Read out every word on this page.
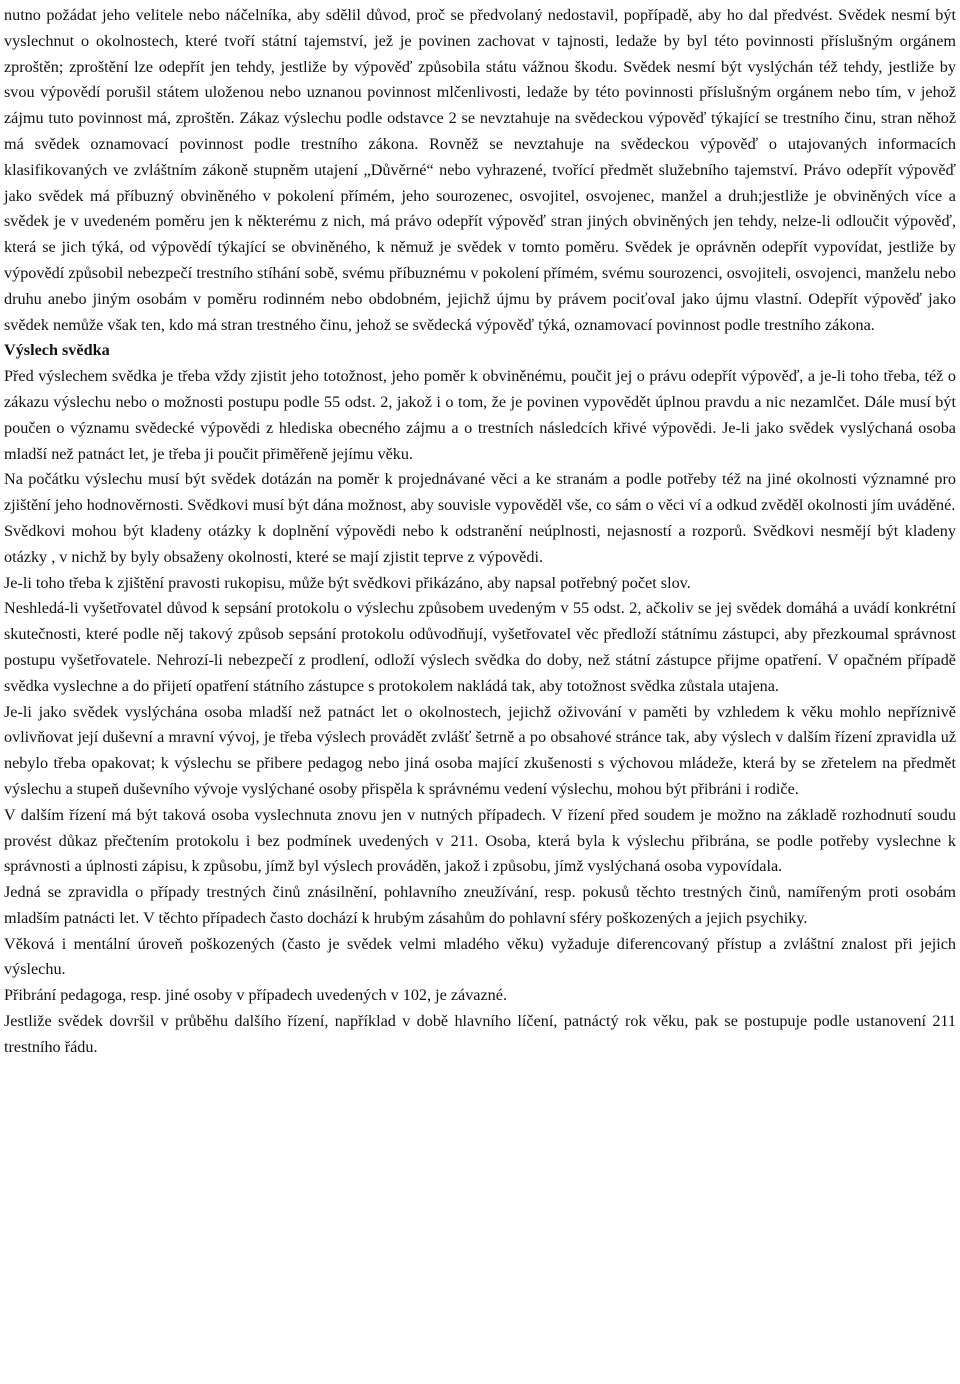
nutno požádat jeho velitele nebo náčelníka, aby sdělil důvod, proč se předvolaný nedostavil, popřípadě, aby ho dal předvést. Svědek nesmí být vyslechnut o okolnostech, které tvoří státní tajemství, jež je povinen zachovat v tajnosti, ledaže by byl této povinnosti příslušným orgánem zproštěn; zproštění lze odepřít jen tehdy, jestliže by výpověď způsobila státu vážnou škodu. Svědek nesmí být vyslýchán též tehdy, jestliže by svou výpovědí porušil státem uloženou nebo uznanou povinnost mlčenlivosti, ledaže by této povinnosti příslušným orgánem nebo tím, v jehož zájmu tuto povinnost má, zproštěn. Zákaz výslechu podle odstavce 2 se nevztahuje na svědeckou výpověď týkající se trestního činu, stran něhož má svědek oznamovací povinnost podle trestního zákona. Rovněž se nevztahuje na svědeckou výpověď o utajovaných informacích klasifikovaných ve zvláštním zákoně stupněm utajení „Důvěrné“ nebo vyhrazené, tvořící předmět služebního tajemství. Právo odepřít výpověď jako svědek má příbuzný obviněného v pokolení přímém, jeho sourozenec, osvojitel, osvojenec, manžel a druh;jestliže je obviněných více a svědek je v uvedeném poměru jen k některému z nich, má právo odepřít výpověď stran jiných obviněných jen tehdy, nelze-li odloučit výpověď, která se jich týká, od výpovědí týkající se obviněného, k němuž je svědek v tomto poměru. Svědek je oprávněn odepřít vypovídat, jestliže by výpovědí způsobil nebezpečí trestního stíhání sobě, svému příbuznému v pokolení přímém, svému sourozenci, osvojiteli, osvojenci, manželu nebo druhu anebo jiným osobám v poměru rodinném nebo obdobném, jejichž újmu by právem pociťoval jako újmu vlastní. Odepřít výpověď jako svědek nemůže však ten, kdo má stran trestného činu, jehož se svědecká výpověď týká, oznamovací povinnost podle trestního zákona.

Výslech svědka

Před výslechem svědka je třeba vždy zjistit jeho totožnost, jeho poměr k obviněnému, poučit jej o právu odepřít výpověď, a je-li toho třeba, též o zákazu výslechu nebo o možnosti postupu podle 55 odst. 2, jakož i o tom, že je povinen vypovědět úplnou pravdu a nic nezamlčet. Dále musí být poučen o významu svědecké výpovědi z hlediska obecného zájmu a o trestních následcích křivé výpovědi. Je-li jako svědek vyslýchaná osoba mladší než patnáct let, je třeba ji poučit přiměřeně jejímu věku.

Na počátku výslechu musí být svědek dotázán na poměr k projednávané věci a ke stranám a podle potřeby též na jiné okolnosti významné pro zjištění jeho hodnověrnosti. Svědkovi musí být dána možnost, aby souvisle vypověděl vše, co sám o věci ví a odkud zvěděl okolnosti jím uváděné.

Svědkovi mohou být kladeny otázky k doplnění výpovědi nebo k odstranění neúplnosti, nejasností a rozporů. Svědkovi nesmějí být kladeny otázky , v nichž by byly obsaženy okolnosti, které se mají zjistit teprve z výpovědi.

Je-li toho třeba k zjištění pravosti rukopisu, může být svědkovi přikázáno, aby napsal potřebný počet slov.

Neshledá-li vyšetřovatel důvod k sepsání protokolu o výslechu způsobem uvedeným v 55 odst. 2, ačkoliv se jej svědek domáhá a uvádí konkrétní skutečnosti, které podle něj takový způsob sepsání protokolu odůvodňují, vyšetřovatel věc předloží státnímu zástupci, aby přezkoumal správnost postupu vyšetřovatele. Nehrozí-li nebezpečí z prodlení, odloží výslech svědka do doby, než státní zástupce přijme opatření. V opačném případě svědka vyslechne a do přijetí opatření státního zástupce s protokolem nakládá tak, aby totožnost svědka zůstala utajena.

Je-li jako svědek vyslýchána osoba mladší než patnáct let o okolnostech, jejichž oživování v paměti by vzhledem k věku mohlo nepříznivě ovlivňovat její duševní a mravní vývoj, je třeba výslech provádět zvlášť šetrně a po obsahové stránce tak, aby výslech v dalším řízení zpravidla už nebylo třeba opakovat; k výslechu se přibere pedagog nebo jiná osoba mající zkušenosti s výchovou mládeže, která by se zřetelem na předmět výslechu a stupeň duševního vývoje vyslýchané osoby přispěla k správnému vedení výslechu, mohou být přibráni i rodiče.

V dalším řízení má být taková osoba vyslechnuta znovu jen v nutných případech. V řízení před soudem je možno na základě rozhodnutí soudu provést důkaz přečtením protokolu i bez podmínek uvedených v 211. Osoba, která byla k výslechu přibrána, se podle potřeby vyslechne k správnosti a úplnosti zápisu, k způsobu, jímž byl výslech prováděn, jakož i způsobu, jímž vyslýchaná osoba vypovídala.

Jedná se zpravidla o případy trestných činů znásilnění, pohlavního zneužívání, resp. pokusů těchto trestných činů, namířeným proti osobám mladším patnácti let. V těchto případech často dochází k hrubým zásahům do pohlavní sféry poškozených a jejich psychiky.

Věková i mentální úroveň poškozených (často je svědek velmi mladého věku) vyžaduje diferencovaný přístup a zvláštní znalost při jejich výslechu.

Přibrání pedagoga, resp. jiné osoby v případech uvedených v 102, je závazné.

Jestliže svědek dovršil v průběhu dalšího řízení, například v době hlavního líčení, patnáctý rok věku, pak se postupuje podle ustanovení 211 trestního řádu.
